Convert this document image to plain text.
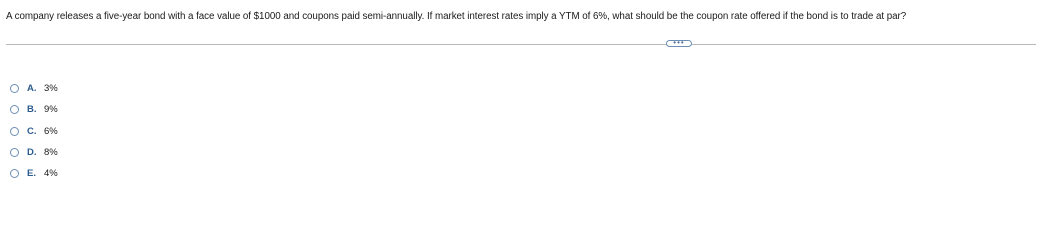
A company releases a five-year bond with a face value of $1000 and coupons paid semi-annually. If market interest rates imply a YTM of 6%, what should be the coupon rate offered if the bond is to trade at par?
•••
A. 3%
B. 9%
C. 6%
D. 8%
E. 4%
